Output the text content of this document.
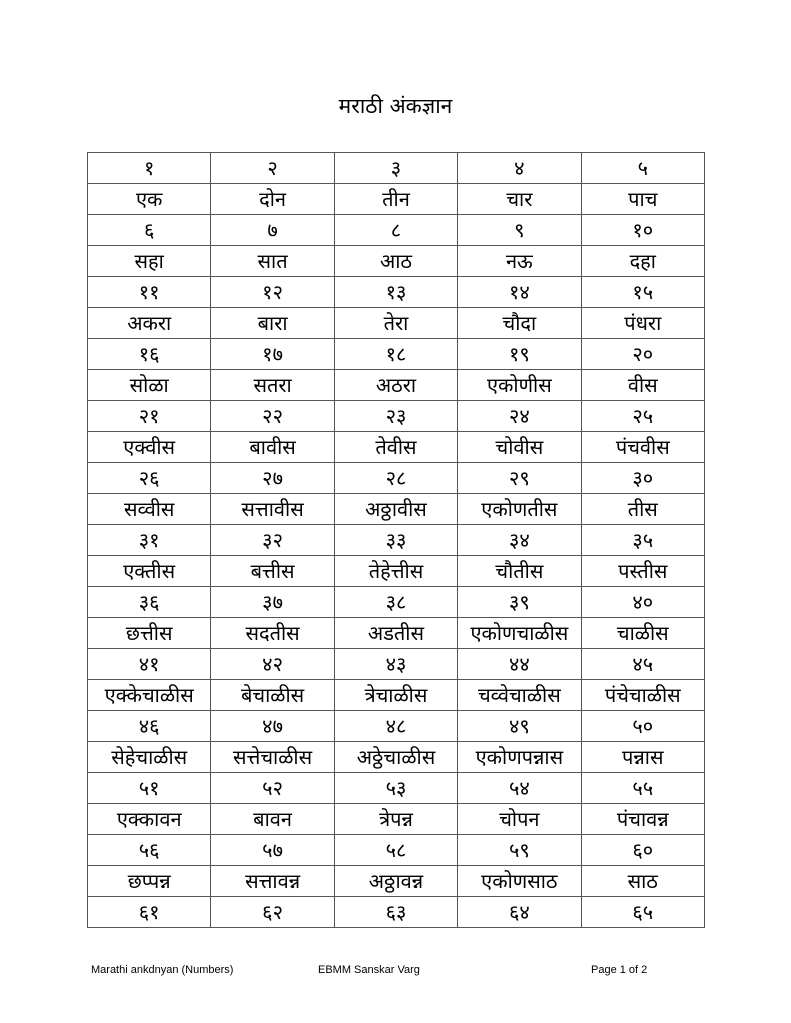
मराठी अंकज्ञान
१	२	३	४	५
एक	दोन	तीन	चार	पाच
६	७	८	९	१०
सहा	सात	आठ	नऊ	दहा
११	१२	१३	१४	१५
अकरा	बारा	तेरा	चौदा	पंधरा
१६	१७	१८	१९	२०
सोळा	सतरा	अठरा	एकोणीस	वीस
२१	२२	२३	२४	२५
एक्वीस	बावीस	तेवीस	चोवीस	पंचवीस
२६	२७	२८	२९	३०
सव्वीस	सत्तावीस	अठ्ठावीस	एकोणतीस	तीस
३१	३२	३३	३४	३५
एक्तीस	बत्तीस	तेहेत्तीस	चौतीस	पस्तीस
३६	३७	३८	३९	४०
छत्तीस	सदतीस	अडतीस	एकोणचाळीस	चाळीस
४१	४२	४३	४४	४५
एक्केचाळीस	बेचाळीस	त्रेचाळीस	चव्वेचाळीस	पंचेचाळीस
४६	४७	४८	४९	५०
सेहेचाळीस	सत्तेचाळीस	अठ्ठेचाळीस	एकोणपन्नास	पन्नास
५१	५२	५३	५४	५५
एक्कावन	बावन	त्रेपन्न	चोपन	पंचावन्न
५६	५७	५८	५९	६०
छप्पन्न	सत्तावन्न	अठ्ठावन्न	एकोणसाठ	साठ
६१	६२	६३	६४	६५
Marathi ankdnyan (Numbers)	EBMM Sanskar Varg	Page 1 of 2
